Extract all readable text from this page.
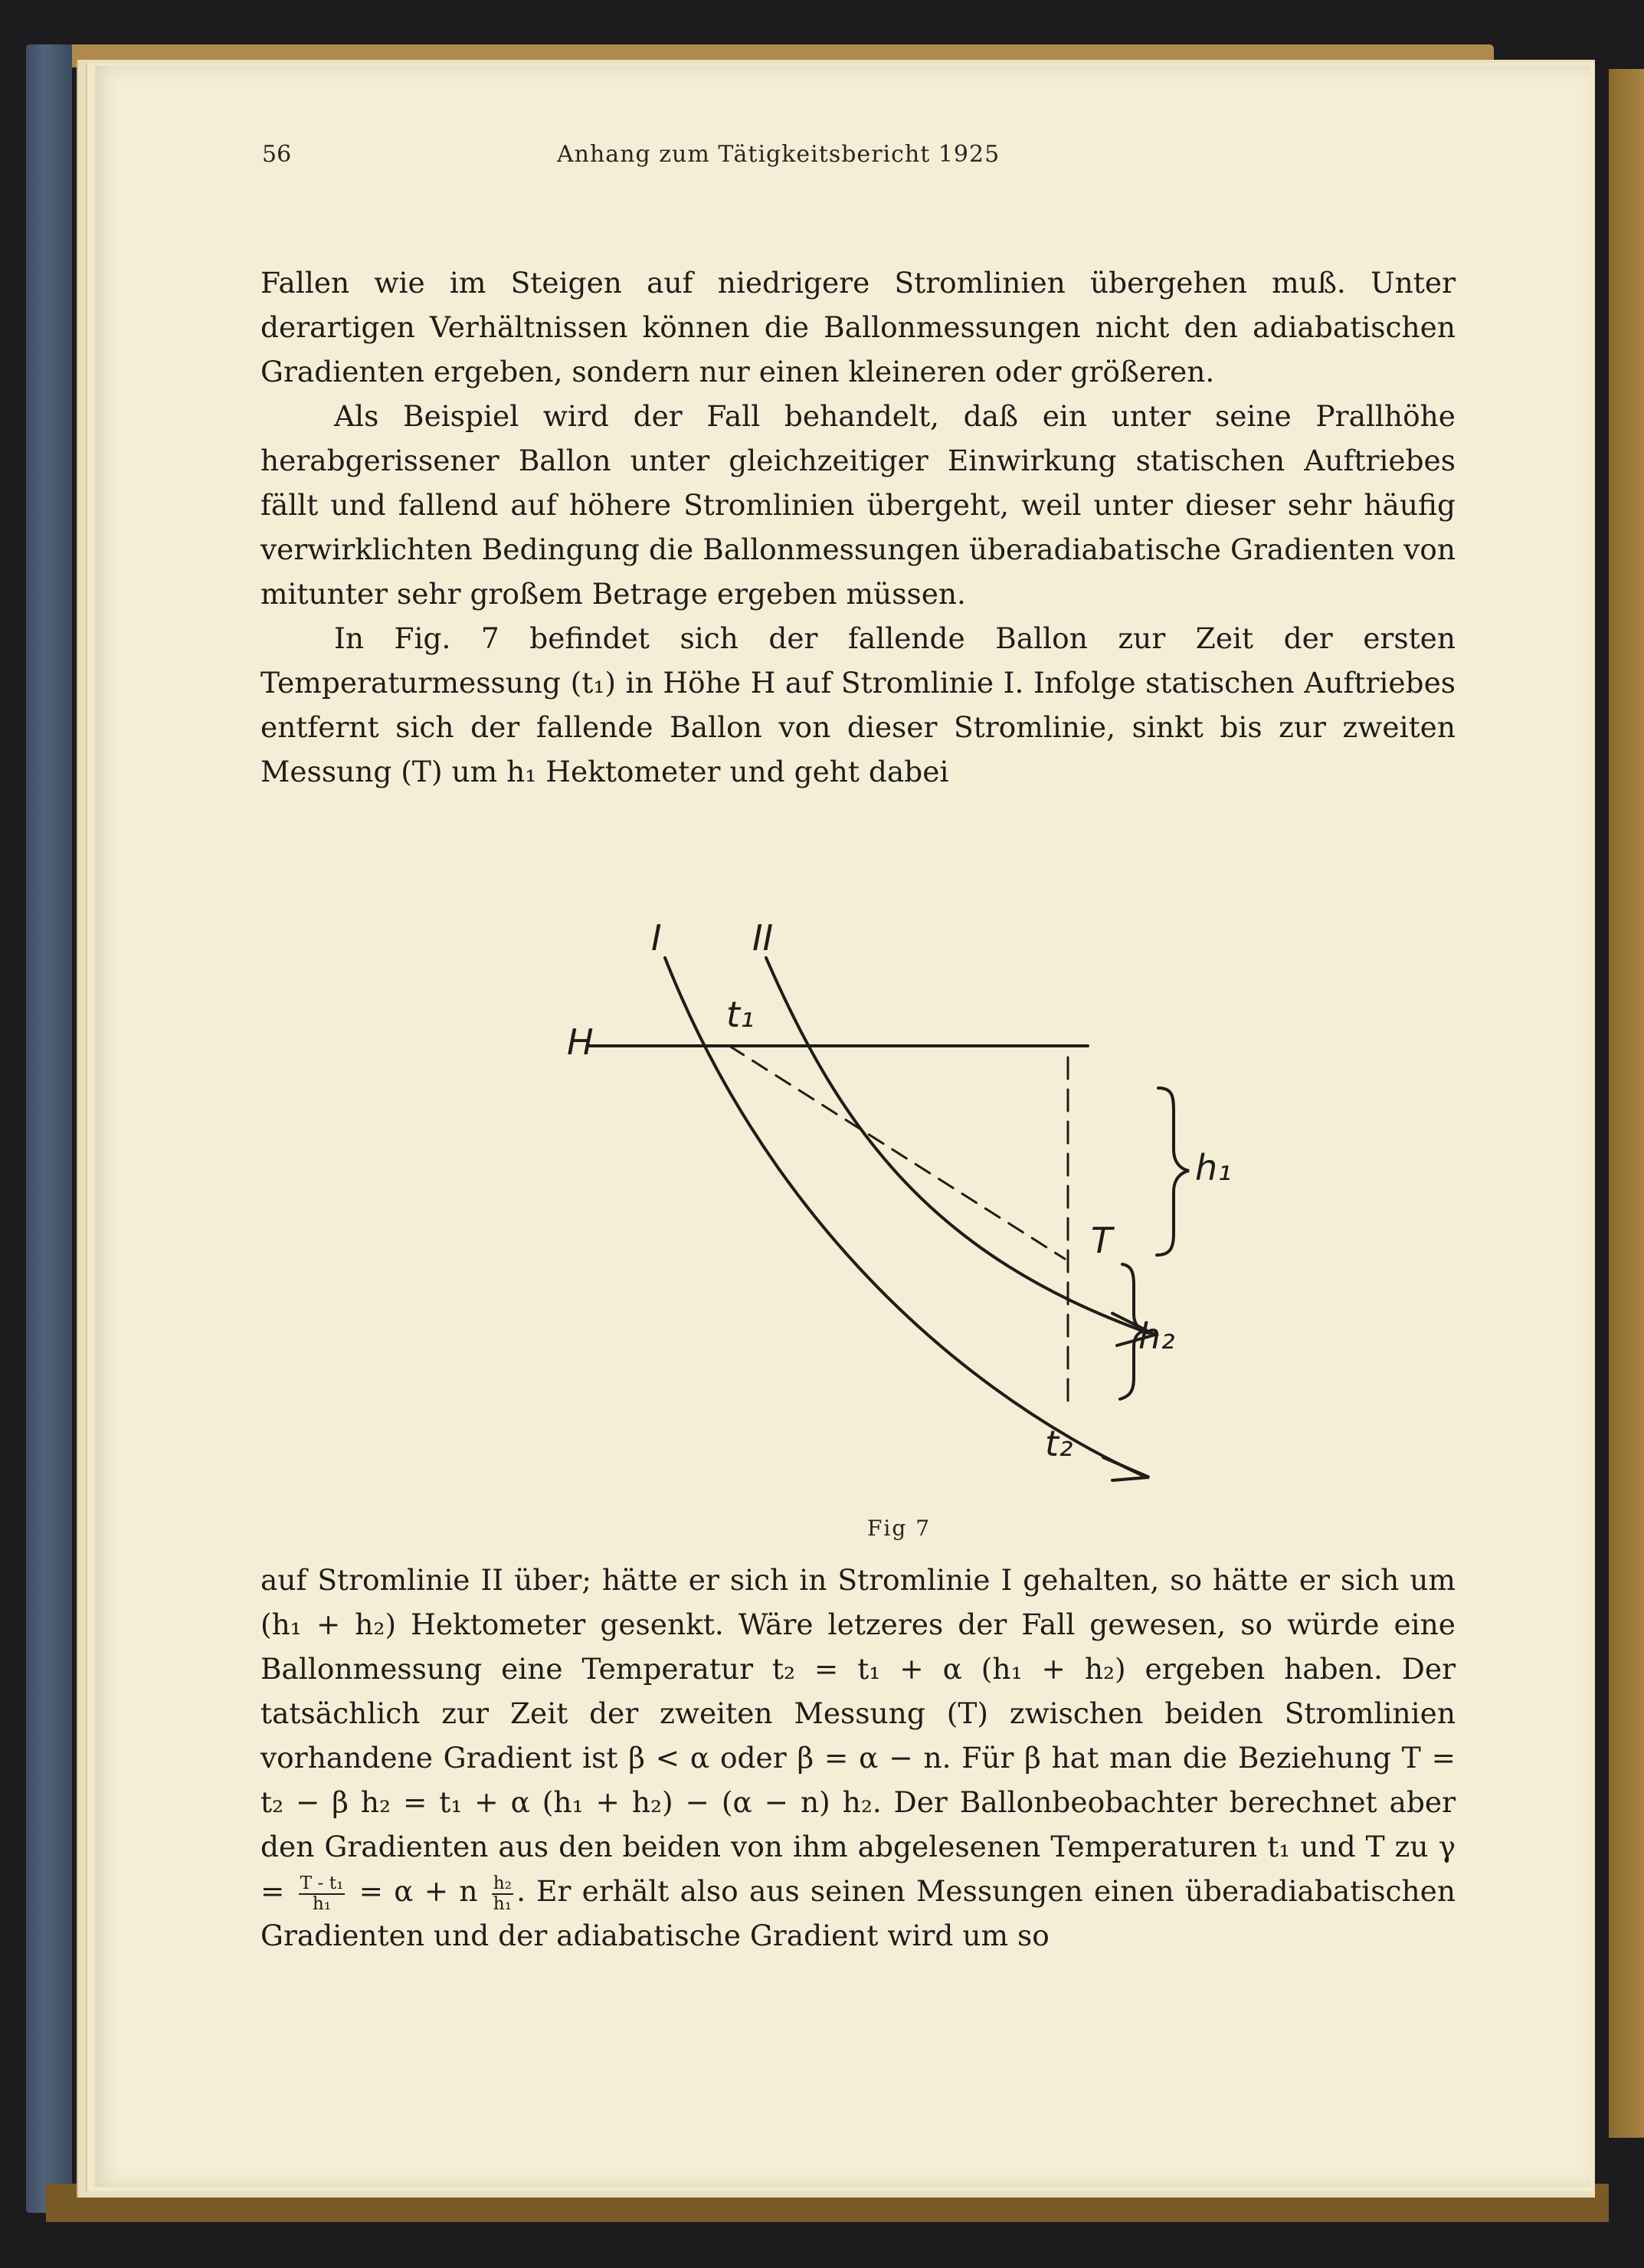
56	Anhang zum Tätigkeitsbericht 1925

Fallen wie im Steigen auf niedrigere Stromlinien übergehen muß. Unter derartigen Verhältnissen können die Ballonmessungen nicht den adiabatischen Gradienten ergeben, sondern nur einen kleineren oder größeren.

Als Beispiel wird der Fall behandelt, daß ein unter seine Prallhöhe herabgerissener Ballon unter gleichzeitiger Einwirkung statischen Auftriebes fällt und fallend auf höhere Stromlinien übergeht, weil unter dieser sehr häufig verwirklichten Bedingung die Ballonmessungen überadiabatische Gradienten von mitunter sehr großem Betrage ergeben müssen.

In Fig. 7 befindet sich der fallende Ballon zur Zeit der ersten Temperaturmessung (t₁) in Höhe H auf Stromlinie I. Infolge statischen Auftriebes entfernt sich der fallende Ballon von dieser Stromlinie, sinkt bis zur zweiten Messung (T) um h₁ Hektometer und geht dabei

I	II
H
t₁
T
h₁
h₂
t₂
Fig 7

auf Stromlinie II über; hätte er sich in Stromlinie I gehalten, so hätte er sich um (h₁ + h₂) Hektometer gesenkt. Wäre letzeres der Fall gewesen, so würde eine Ballonmessung eine Temperatur t₂ = t₁ + α (h₁ + h₂) ergeben haben. Der tatsächlich zur Zeit der zweiten Messung (T) zwischen beiden Stromlinien vorhandene Gradient ist β < α oder β = α − n. Für β hat man die Beziehung T = t₂ − β h₂ = t₁ + α (h₁ + h₂) − (α − n) h₂. Der Ballonbeobachter berechnet aber den Gradienten aus den beiden von ihm abgelesenen Temperaturen t₁ und T zu $\gamma = \frac{\text{T - t₁}}{\text{h₁}} = \alpha + n \frac{\text{h₂}}{\text{h₁}}$ . Er erhält also aus seinen Messungen einen überadiabatischen Gradienten und der adiabatische Gradient wird um so
